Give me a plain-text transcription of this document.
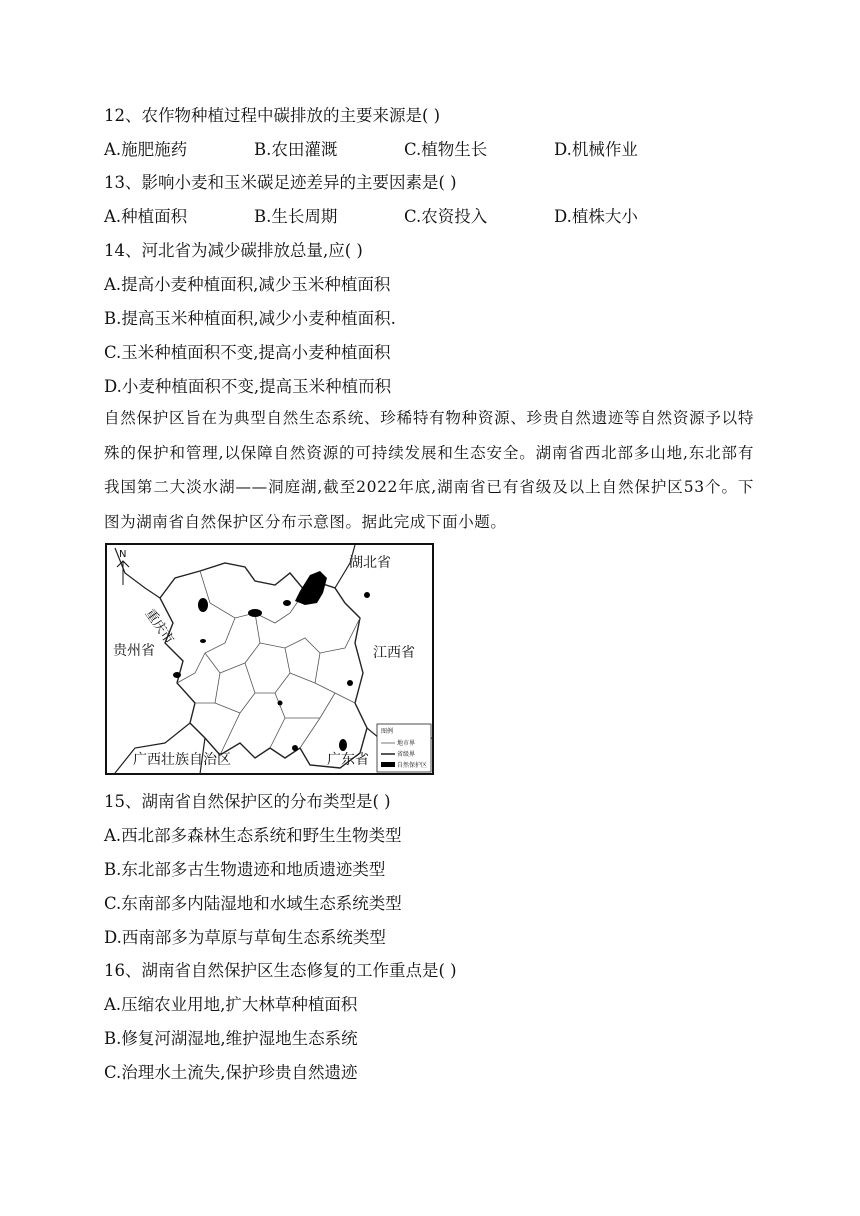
12、农作物种植过程中碳排放的主要来源是( )
A.施肥施药	B.农田灌溉	C.植物生长	D.机械作业
13、影响小麦和玉米碳足迹差异的主要因素是( )
A.种植面积	B.生长周期	C.农资投入	D.植株大小
14、河北省为减少碳排放总量,应( )
A.提高小麦种植面积,减少玉米种植面积
B.提高玉米种植面积,减少小麦种植面积.
C.玉米种植面积不变,提高小麦种植面积
D.小麦种植面积不变,提高玉米种植而积
自然保护区旨在为典型自然生态系统、珍稀特有物种资源、珍贵自然遗迹等自然资源予以特殊的保护和管理,以保障自然资源的可持续发展和生态安全。湖南省西北部多山地,东北部有我国第二大淡水湖——洞庭湖,截至2022年底,湖南省已有省级及以上自然保护区53个。下图为湖南省自然保护区分布示意图。据此完成下面小题。
N
湖北省
重庆市
贵州省	江西省
广西壮族自治区	广东省
图例
地市界
省级界
自然保护区
15、湖南省自然保护区的分布类型是( )
A.西北部多森林生态系统和野生生物类型
B.东北部多古生物遗迹和地质遗迹类型
C.东南部多内陆湿地和水域生态系统类型
D.西南部多为草原与草甸生态系统类型
16、湖南省自然保护区生态修复的工作重点是( )
A.压缩农业用地,扩大林草种植面积
B.修复河湖湿地,维护湿地生态系统
C.治理水土流失,保护珍贵自然遗迹
